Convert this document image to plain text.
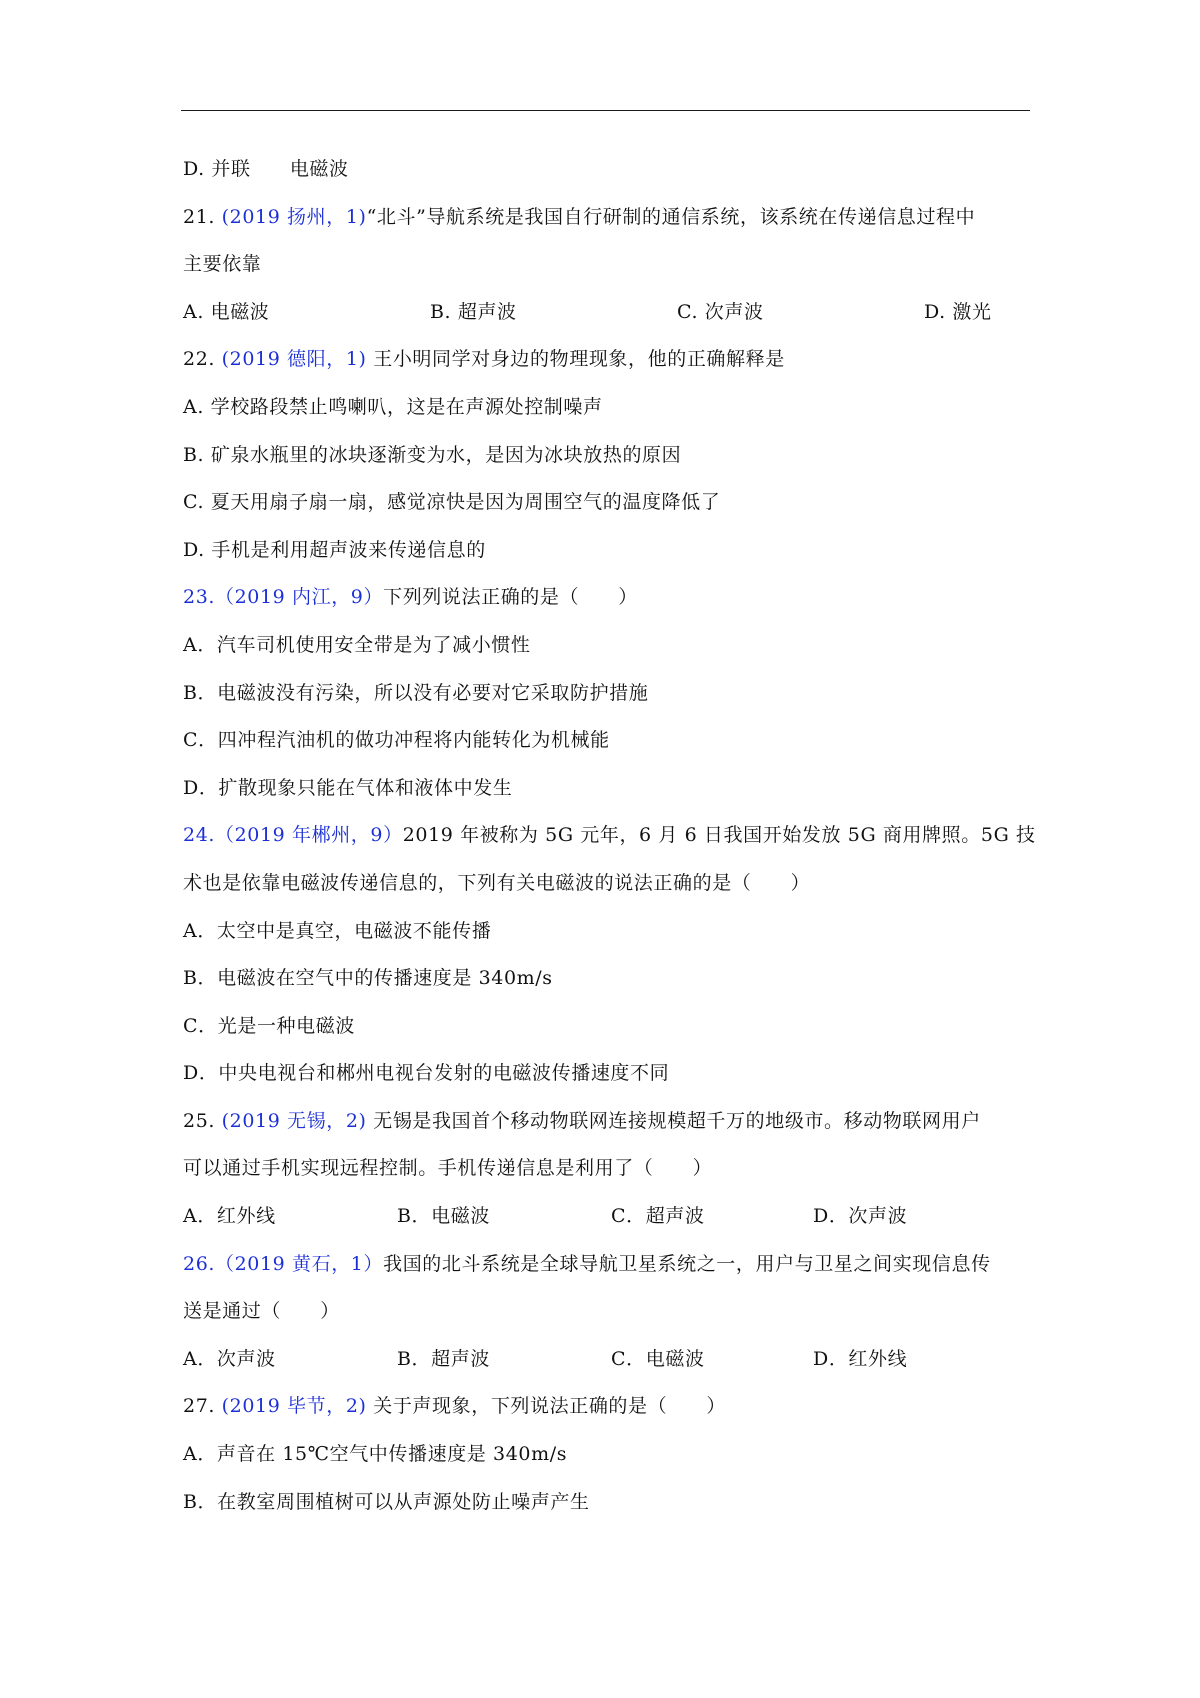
D. 并联　　电磁波
21. (2019 扬州，1)“北斗”导航系统是我国自行研制的通信系统，该系统在传递信息过程中
主要依靠
A. 电磁波	B. 超声波	C. 次声波	D. 激光
22. (2019 德阳，1) 王小明同学对身边的物理现象，他的正确解释是
A. 学校路段禁止鸣喇叭，这是在声源处控制噪声
B. 矿泉水瓶里的冰块逐渐变为水，是因为冰块放热的原因
C. 夏天用扇子扇一扇，感觉凉快是因为周围空气的温度降低了
D. 手机是利用超声波来传递信息的
23.（2019 内江，9）下列列说法正确的是（　　）
A．汽车司机使用安全带是为了减小惯性
B．电磁波没有污染，所以没有必要对它采取防护措施
C．四冲程汽油机的做功冲程将内能转化为机械能
D．扩散现象只能在气体和液体中发生
24.（2019 年郴州，9）2019 年被称为 5G 元年，6 月 6 日我国开始发放 5G 商用牌照。5G 技
术也是依靠电磁波传递信息的，下列有关电磁波的说法正确的是（　　）
A．太空中是真空，电磁波不能传播
B．电磁波在空气中的传播速度是 340m/s
C．光是一种电磁波
D．中央电视台和郴州电视台发射的电磁波传播速度不同
25. (2019 无锡，2) 无锡是我国首个移动物联网连接规模超千万的地级市。移动物联网用户
可以通过手机实现远程控制。手机传递信息是利用了（　　）
A．红外线	B．电磁波	C．超声波	D．次声波
26.（2019 黄石，1）我国的北斗系统是全球导航卫星系统之一，用户与卫星之间实现信息传
送是通过（　　）
A．次声波	B．超声波	C．电磁波	D．红外线
27. (2019 毕节，2) 关于声现象，下列说法正确的是（　　）
A．声音在 15℃空气中传播速度是 340m/s
B．在教室周围植树可以从声源处防止噪声产生
